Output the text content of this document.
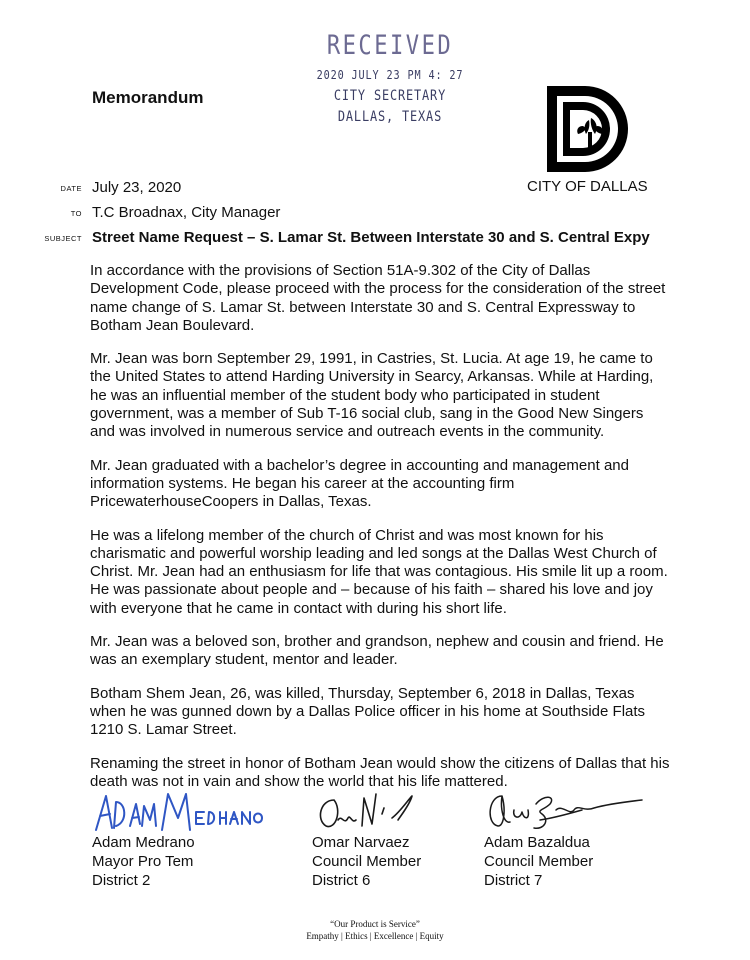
RECEIVED
2020 JULY 23 PM 4: 27
CITY SECRETARY
DALLAS, TEXAS
Memorandum
CITY OF DALLAS
DATE July 23, 2020
TO T.C Broadnax, City Manager
SUBJECT Street Name Request – S. Lamar St. Between Interstate 30 and S. Central Expy

In accordance with the provisions of Section 51A-9.302 of the City of Dallas Development Code, please proceed with the process for the consideration of the street name change of S. Lamar St. between Interstate 30 and S. Central Expressway to Botham Jean Boulevard.

Mr. Jean was born September 29, 1991, in Castries, St. Lucia. At age 19, he came to the United States to attend Harding University in Searcy, Arkansas. While at Harding, he was an influential member of the student body who participated in student government, was a member of Sub T-16 social club, sang in the Good New Singers and was involved in numerous service and outreach events in the community.

Mr. Jean graduated with a bachelor’s degree in accounting and management and information systems. He began his career at the accounting firm PricewaterhouseCoopers in Dallas, Texas.

He was a lifelong member of the church of Christ and was most known for his charismatic and powerful worship leading and led songs at the Dallas West Church of Christ. Mr. Jean had an enthusiasm for life that was contagious. His smile lit up a room. He was passionate about people and – because of his faith – shared his love and joy with everyone that he came in contact with during his short life.

Mr. Jean was a beloved son, brother and grandson, nephew and cousin and friend. He was an exemplary student, mentor and leader.

Botham Shem Jean, 26, was killed, Thursday, September 6, 2018 in Dallas, Texas when he was gunned down by a Dallas Police officer in his home at Southside Flats 1210 S. Lamar Street.

Renaming the street in honor of Botham Jean would show the citizens of Dallas that his death was not in vain and show the world that his life mattered.

Adam Medrano
Mayor Pro Tem
District 2
Omar Narvaez
Council Member
District 6
Adam Bazaldua
Council Member
District 7
“Our Product is Service”
Empathy | Ethics | Excellence | Equity
